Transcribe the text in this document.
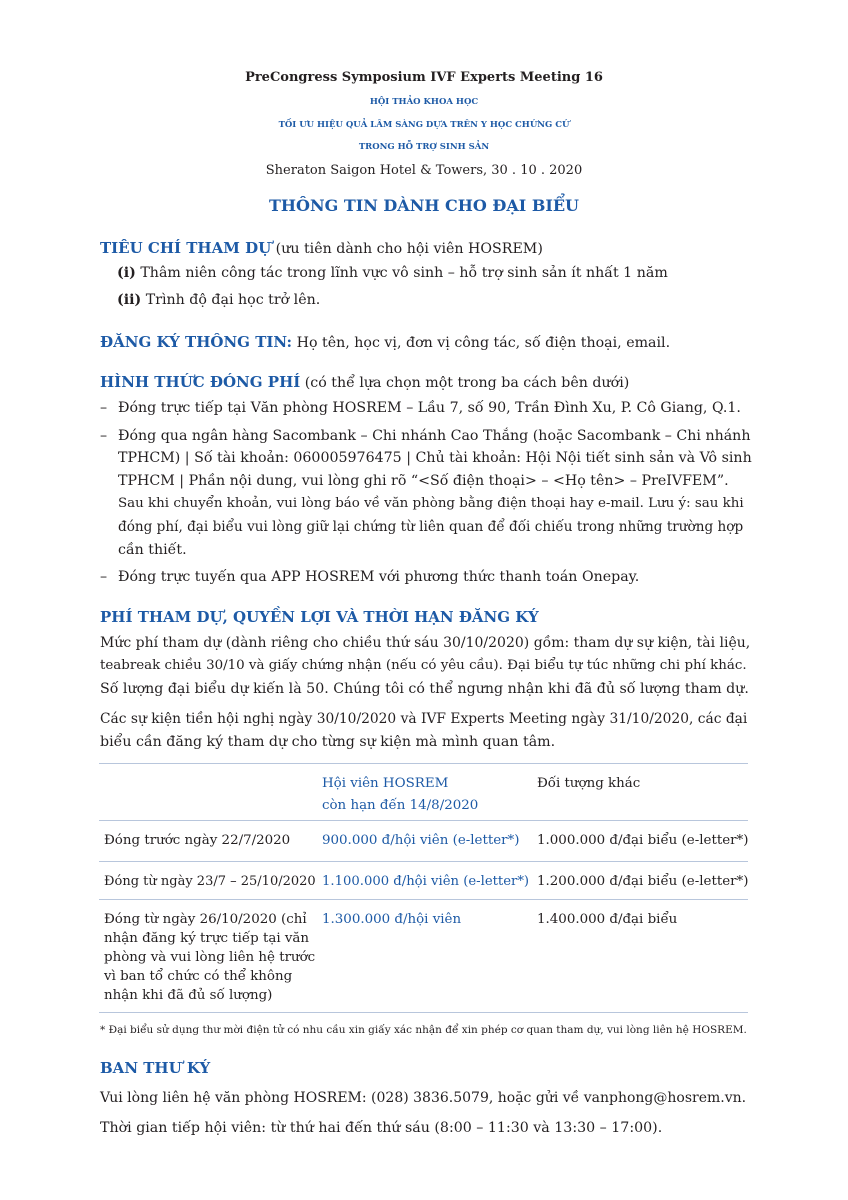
PreCongress Symposium IVF Experts Meeting 16
HỘI THẢO KHOA HỌC
TỐI ƯU HIỆU QUẢ LÂM SÀNG DỰA TRÊN Y HỌC CHỨNG CỨ
TRONG HỖ TRỢ SINH SẢN
Sheraton Saigon Hotel & Towers, 30 . 10 . 2020
THÔNG TIN DÀNH CHO ĐẠI BIỂU
TIÊU CHÍ THAM DỰ (ưu tiên dành cho hội viên HOSREM)
(i) Thâm niên công tác trong lĩnh vực vô sinh – hỗ trợ sinh sản ít nhất 1 năm
(ii) Trình độ đại học trở lên.
ĐĂNG KÝ THÔNG TIN: Họ tên, học vị, đơn vị công tác, số điện thoại, email.
HÌNH THỨC ĐÓNG PHÍ (có thể lựa chọn một trong ba cách bên dưới)
– Đóng trực tiếp tại Văn phòng HOSREM – Lầu 7, số 90, Trần Đình Xu, P. Cô Giang, Q.1.
– Đóng qua ngân hàng Sacombank – Chi nhánh Cao Thắng (hoặc Sacombank – Chi nhánh
TPHCM) | Số tài khoản: 060005976475 | Chủ tài khoản: Hội Nội tiết sinh sản và Vô sinh
TPHCM | Phần nội dung, vui lòng ghi rõ “<Số điện thoại> – <Họ tên> – PreIVFEM”.
Sau khi chuyển khoản, vui lòng báo về văn phòng bằng điện thoại hay e-mail. Lưu ý: sau khi
đóng phí, đại biểu vui lòng giữ lại chứng từ liên quan để đối chiếu trong những trường hợp
cần thiết.
– Đóng trực tuyến qua APP HOSREM với phương thức thanh toán Onepay.
PHÍ THAM DỰ, QUYỀN LỢI VÀ THỜI HẠN ĐĂNG KÝ
Mức phí tham dự (dành riêng cho chiều thứ sáu 30/10/2020) gồm: tham dự sự kiện, tài liệu,
teabreak chiều 30/10 và giấy chứng nhận (nếu có yêu cầu). Đại biểu tự túc những chi phí khác.
Số lượng đại biểu dự kiến là 50. Chúng tôi có thể ngưng nhận khi đã đủ số lượng tham dự.
Các sự kiện tiền hội nghị ngày 30/10/2020 và IVF Experts Meeting ngày 31/10/2020, các đại
biểu cần đăng ký tham dự cho từng sự kiện mà mình quan tâm.
Hội viên HOSREM
còn hạn đến 14/8/2020
Đối tượng khác
Đóng trước ngày 22/7/2020 900.000 đ/hội viên (e-letter*) 1.000.000 đ/đại biểu (e-letter*)
Đóng từ ngày 23/7 – 25/10/2020 1.100.000 đ/hội viên (e-letter*) 1.200.000 đ/đại biểu (e-letter*)
Đóng từ ngày 26/10/2020 (chỉ
nhận đăng ký trực tiếp tại văn
phòng và vui lòng liên hệ trước
vì ban tổ chức có thể không
nhận khi đã đủ số lượng)
1.300.000 đ/hội viên	1.400.000 đ/đại biểu
* Đại biểu sử dụng thư mời điện tử có nhu cầu xin giấy xác nhận để xin phép cơ quan tham dự, vui lòng liên hệ HOSREM.
BAN THƯ KÝ
Vui lòng liên hệ văn phòng HOSREM: (028) 3836.5079, hoặc gửi về vanphong@hosrem.vn.
Thời gian tiếp hội viên: từ thứ hai đến thứ sáu (8:00 – 11:30 và 13:30 – 17:00).
